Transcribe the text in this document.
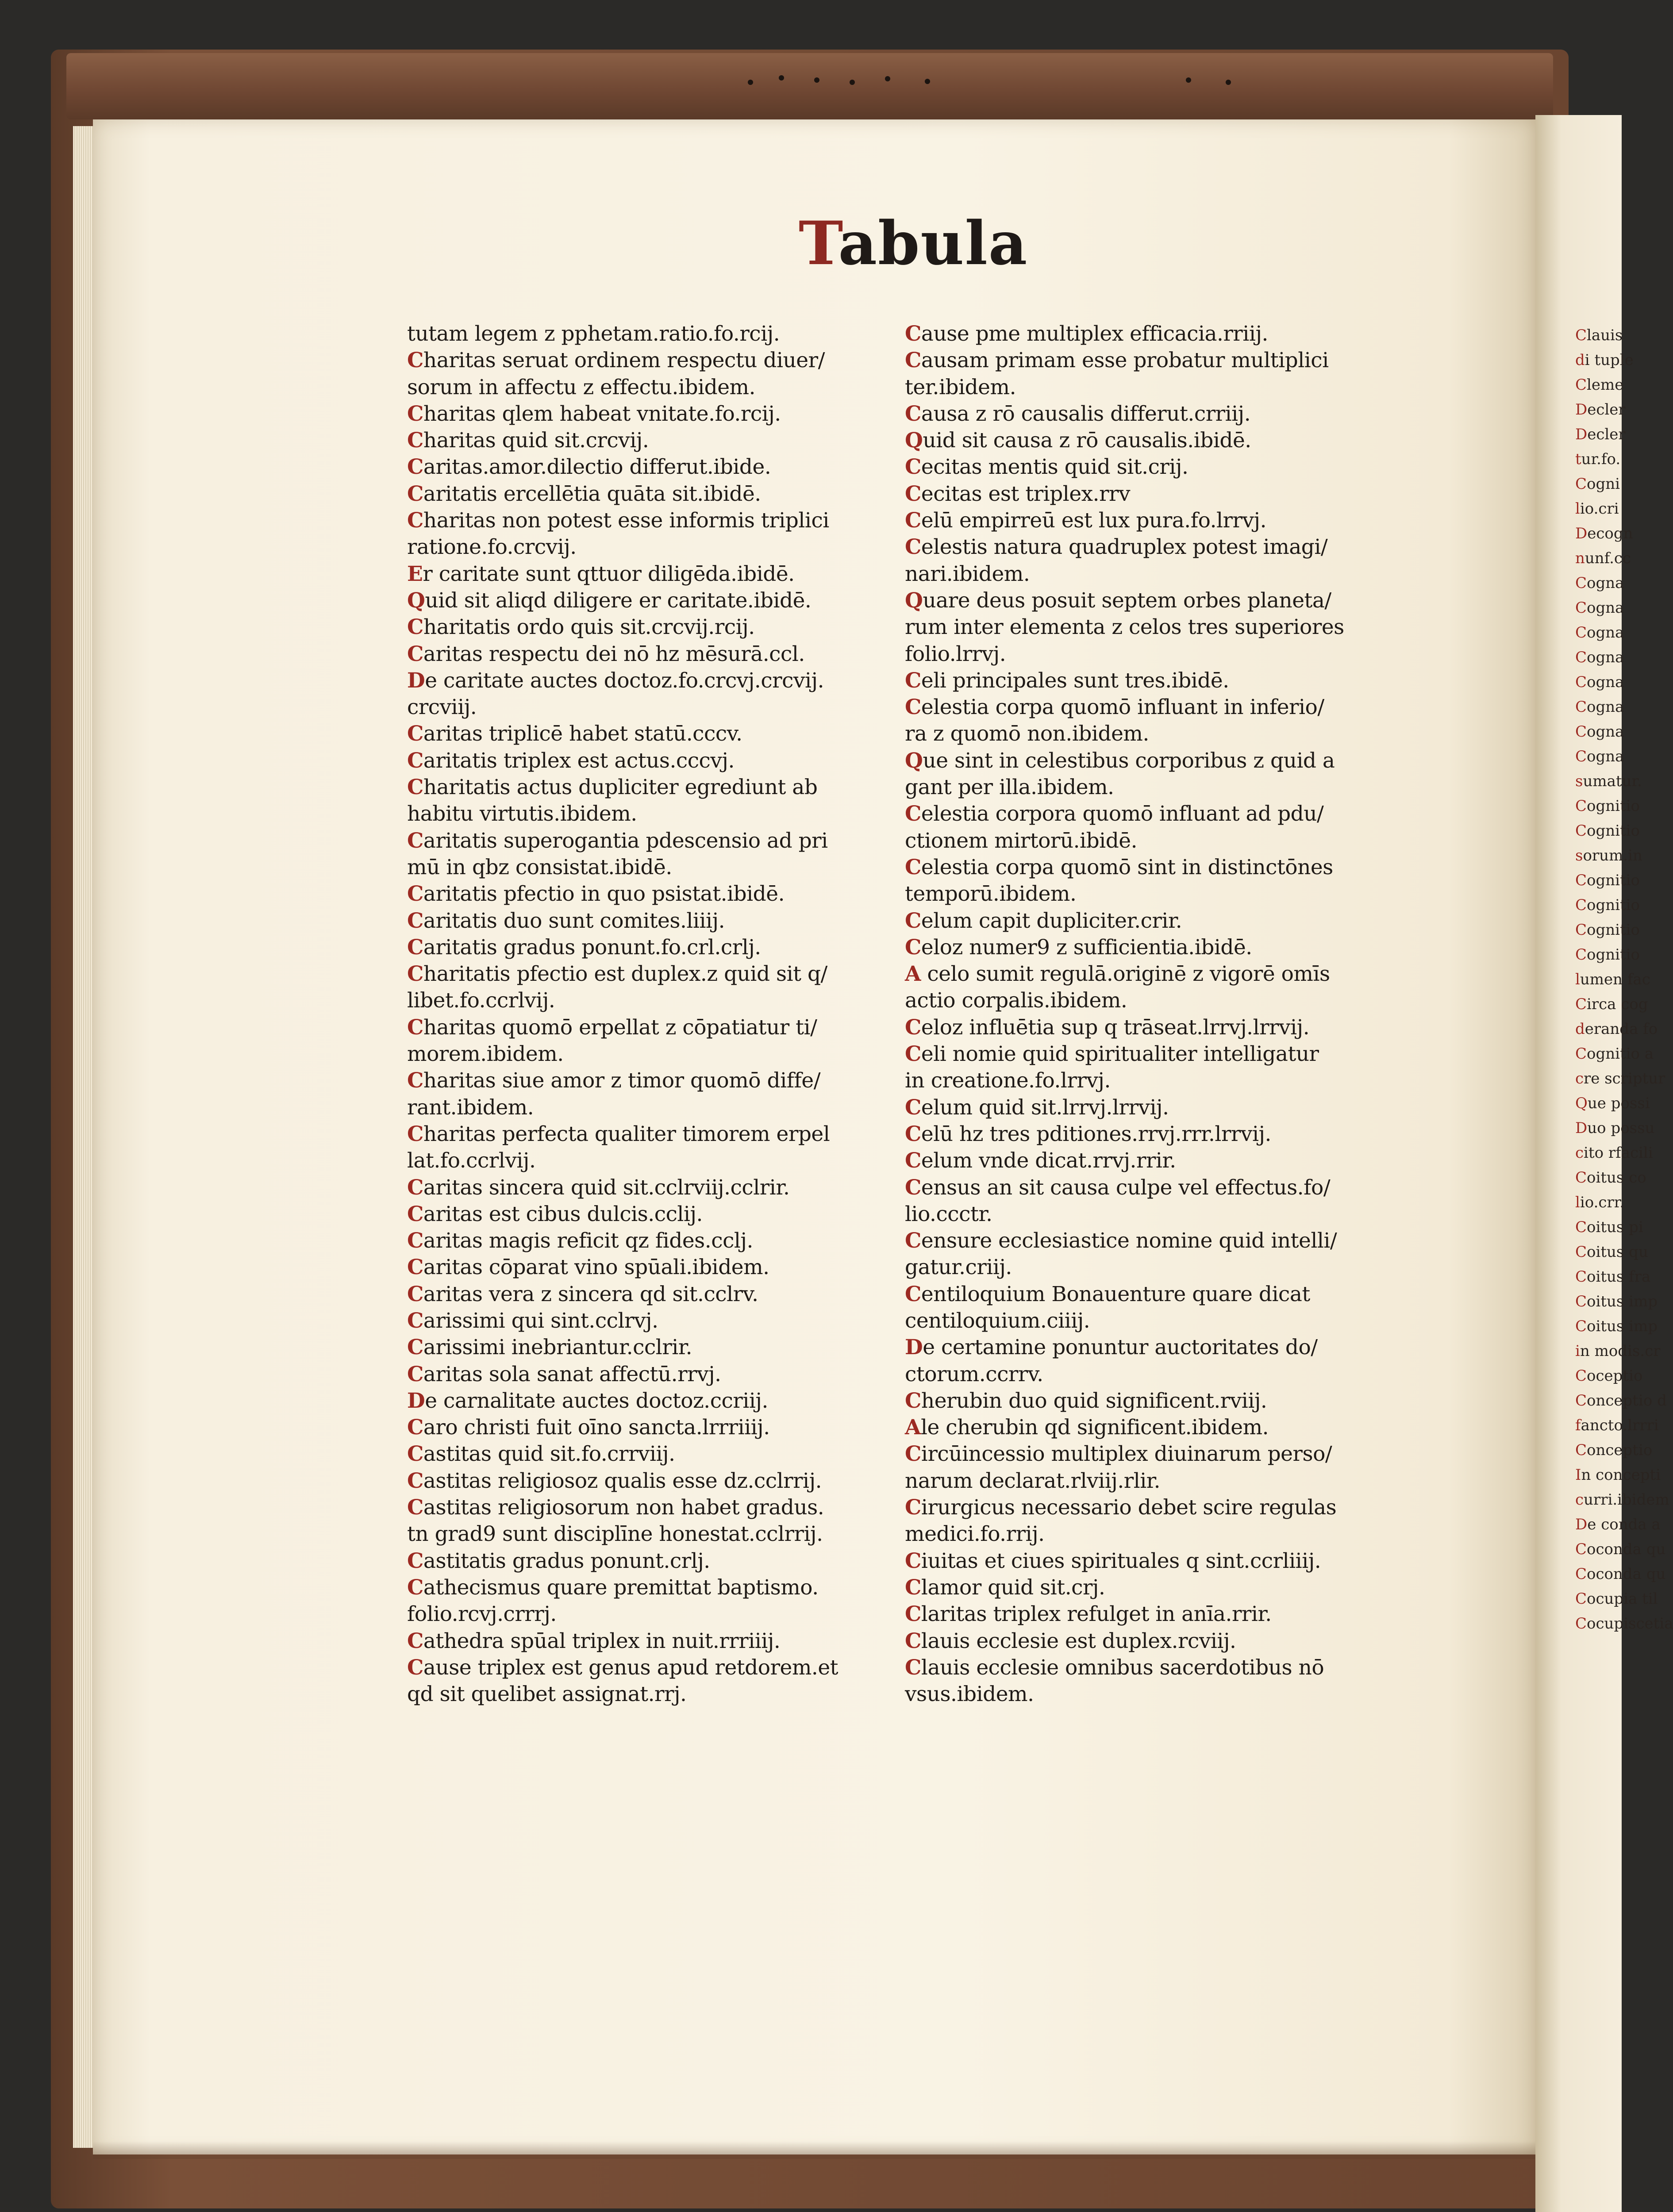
Clauis
di tuple
Cleme
Decler
Decler
tur.fo.
Cogni
lio.cri
Decogn
nunf.cc
Cogna
Cogna
Cogna
Cogna
Cogna
Cogna
Cogna
Cogna
sumatur.
Cognitio
Cognitio
sorum.in
Cognitio
Cognitio
Cognitio
Cognitio
lumen fac
Circa cog
deranda fo
Cognitio a
cre scriptur
Que possi
Duo possu
cito rfacili
Coitus co
lio.crr.
Coitus pi
Coitus qu
Coitus fra
Coitus imp
Coitus imp
in modis.cr
Coceptio
Conceptio d
fancto.lrrri
Conceptio
In concepti
curri.ibidem
De conda a
Coconda qu
Coconda qu
Cocupia til
Cocupiscetia
Tabula
tutam legem z pphetam.ratio.fo.rcij.
Charitas seruat ordinem respectu diuer/
sorum in affectu z effectu.ibidem.
Charitas qlem habeat vnitate.fo.rcij.
Charitas quid sit.crcvij.
Caritas.amor.dilectio differut.ibide.
Caritatis ercellētia quāta sit.ibidē.
Charitas non potest esse informis triplici
ratione.fo.crcvij.
Er caritate sunt qttuor diligēda.ibidē.
Quid sit aliqd diligere er caritate.ibidē.
Charitatis ordo quis sit.crcvij.rcij.
Caritas respectu dei nō hz mēsurā.ccl.
De caritate auctes doctoz.fo.crcvj.crcvij.
crcviij.
Caritas triplicē habet statū.cccv.
Caritatis triplex est actus.cccvj.
Charitatis actus dupliciter egrediunt ab
habitu virtutis.ibidem.
Caritatis superogantia pdescensio ad pri
mū in qbz consistat.ibidē.
Caritatis pfectio in quo psistat.ibidē.
Caritatis duo sunt comites.liiij.
Caritatis gradus ponunt.fo.crl.crlj.
Charitatis pfectio est duplex.z quid sit q/
libet.fo.ccrlvij.
Charitas quomō erpellat z cōpatiatur ti/
morem.ibidem.
Charitas siue amor z timor quomō diffe/
rant.ibidem.
Charitas perfecta qualiter timorem erpel
lat.fo.ccrlvij.
Caritas sincera quid sit.cclrviij.cclrir.
Caritas est cibus dulcis.cclij.
Caritas magis reficit qz fides.cclj.
Caritas cōparat vino spūali.ibidem.
Caritas vera z sincera qd sit.cclrv.
Carissimi qui sint.cclrvj.
Carissimi inebriantur.cclrir.
Caritas sola sanat affectū.rrvj.
De carnalitate auctes doctoz.ccriij.
Caro christi fuit oīno sancta.lrrriiij.
Castitas quid sit.fo.crrviij.
Castitas religiosoz qualis esse dz.cclrrij.
Castitas religiosorum non habet gradus.
tn grad9 sunt disciplīne honestat.cclrrij.
Castitatis gradus ponunt.crlj.
Cathecismus quare premittat baptismo.
folio.rcvj.crrrj.
Cathedra spūal triplex in nuit.rrriiij.
Cause triplex est genus apud retdorem.et
qd sit quelibet assignat.rrj.
Cause pme multiplex efficacia.rriij.
Causam primam esse probatur multiplici
ter.ibidem.
Causa z rō causalis differut.crriij.
Quid sit causa z rō causalis.ibidē.
Cecitas mentis quid sit.crij.
Cecitas est triplex.rrv
Celū empirreū est lux pura.fo.lrrvj.
Celestis natura quadruplex potest imagi/
nari.ibidem.
Quare deus posuit septem orbes planeta/
rum inter elementa z celos tres superiores
folio.lrrvj.
Celi principales sunt tres.ibidē.
Celestia corpa quomō influant in inferio/
ra z quomō non.ibidem.
Que sint in celestibus corporibus z quid a
gant per illa.ibidem.
Celestia corpora quomō influant ad pdu/
ctionem mirtorū.ibidē.
Celestia corpa quomō sint in distinctōnes
temporū.ibidem.
Celum capit dupliciter.crir.
Celoz numer9 z sufficientia.ibidē.
A celo sumit regulā.originē z vigorē omīs
actio corpalis.ibidem.
Celoz influētia sup q trāseat.lrrvj.lrrvij.
Celi nomie quid spiritualiter intelligatur
in creatione.fo.lrrvj.
Celum quid sit.lrrvj.lrrvij.
Celū hz tres pditiones.rrvj.rrr.lrrvij.
Celum vnde dicat.rrvj.rrir.
Census an sit causa culpe vel effectus.fo/
lio.ccctr.
Censure ecclesiastice nomine quid intelli/
gatur.criij.
Centiloquium Bonauenture quare dicat
centiloquium.ciiij.
De certamine ponuntur auctoritates do/
ctorum.ccrrv.
Cherubin duo quid significent.rviij.
Ale cherubin qd significent.ibidem.
Circūincessio multiplex diuinarum perso/
narum declarat.rlviij.rlir.
Cirurgicus necessario debet scire regulas
medici.fo.rrij.
Ciuitas et ciues spirituales q sint.ccrliiij.
Clamor quid sit.crj.
Claritas triplex refulget in anīa.rrir.
Clauis ecclesie est duplex.rcviij.
Clauis ecclesie omnibus sacerdotibus nō
vsus.ibidem.
